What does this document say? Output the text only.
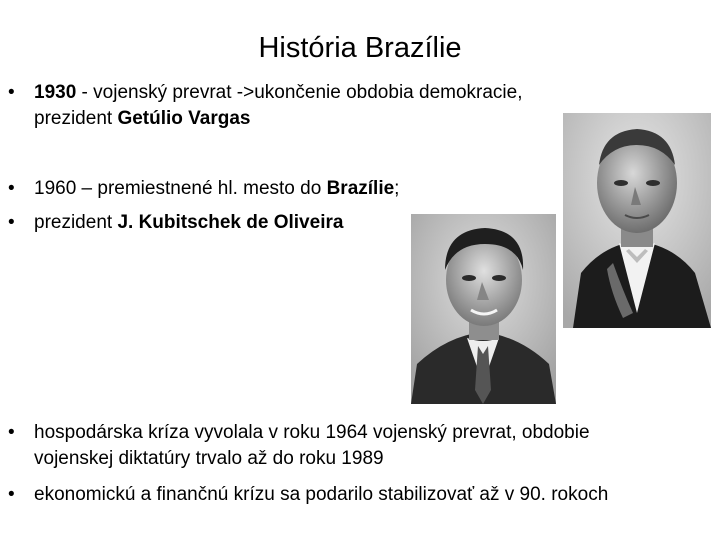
História Brazílie
•	1930 - vojenský prevrat ->ukončenie obdobia demokracie,
prezident Getúlio Vargas
•	1960 – premiestnené hl. mesto do Brazílie;
•	prezident J. Kubitschek de Oliveira
•	hospodárska kríza vyvolala v roku 1964 vojenský prevrat, obdobie
vojenskej diktatúry trvalo až do roku 1989
•	ekonomickú a finančnú krízu sa podarilo stabilizovať až v 90. rokoch
